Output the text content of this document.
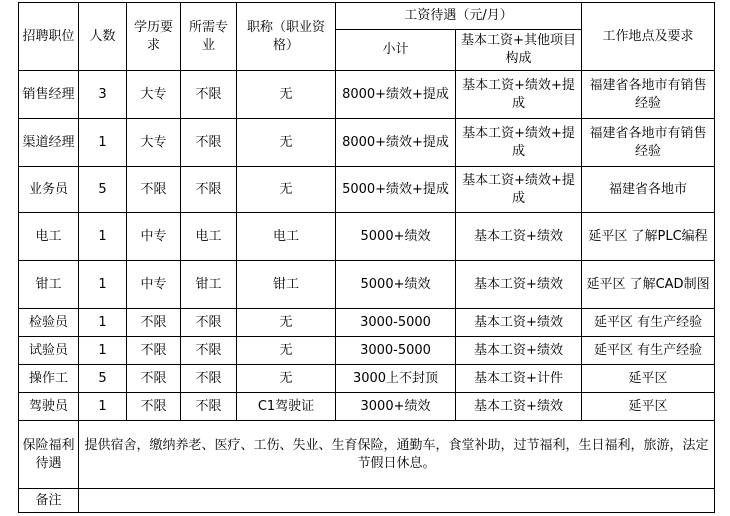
招聘职位	人数	学历要求	所需专业	职称（职业资格）	工资待遇（元/月）		工作地点及要求
					小计	基本工资+其他项目构成	
销售经理	3	大专	不限	无	8000+绩效+提成	基本工资+绩效+提成	福建省各地市有销售经验
渠道经理	1	大专	不限	无	8000+绩效+提成	基本工资+绩效+提成	福建省各地市有销售经验
业务员	5	不限	不限	无	5000+绩效+提成	基本工资+绩效+提成	福建省各地市
电工	1	中专	电工	电工	5000+绩效	基本工资+绩效	延平区 了解PLC编程
钳工	1	中专	钳工	钳工	5000+绩效	基本工资+绩效	延平区 了解CAD制图
检验员	1	不限	不限	无	3000-5000	基本工资+绩效	延平区 有生产经验
试验员	1	不限	不限	无	3000-5000	基本工资+绩效	延平区 有生产经验
操作工	5	不限	不限	无	3000上不封顶	基本工资+计件	延平区
驾驶员	1	不限	不限	C1驾驶证	3000+绩效	基本工资+绩效	延平区
保险福利待遇	提供宿舍，缴纳养老、医疗、工伤、失业、生育保险，通勤车，食堂补助，过节福利，生日福利，旅游，法定节假日休息。						
备注							
